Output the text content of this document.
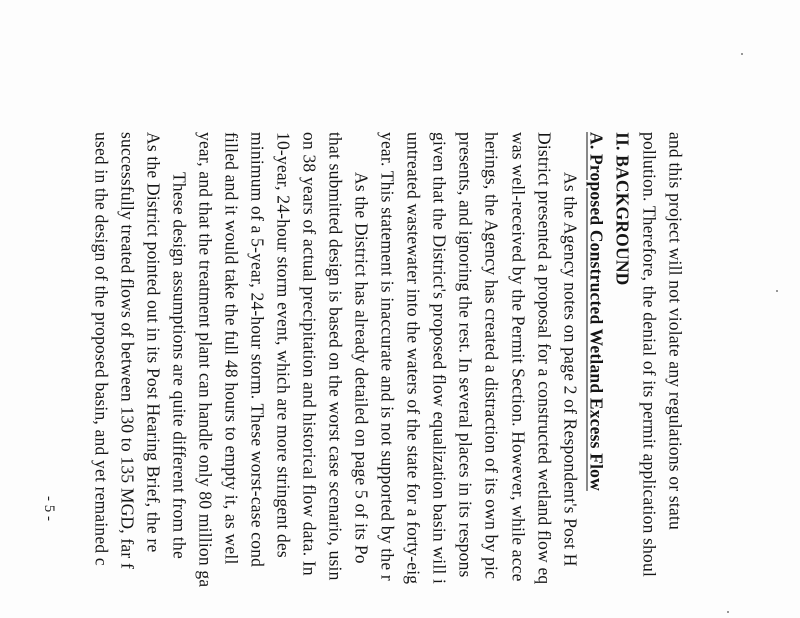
and this project will not violate any regulations or statu
pollution. Therefore, the denial of its permit application shoul
II. BACKGROUND
A. Proposed Constructed Wetland Excess Flow
As the Agency notes on page 2 of Respondent's Post H
District presented a proposal for a constructed wetland flow eq
was well-received by the Permit Section. However, while acce
herings, the Agency has created a distraction of its own by pic
presents, and ignoring the rest. In several places in its respons
given that the District's proposed flow equalization basin will i
untreated wastewater into the waters of the state for a forty-eig
year. This statement is inaccurate and is not supported by the r
As the District has already detailed on page 5 of its Po
that submitted design is based on the worst case scenario, usin
on 38 years of actual precipitation and historical flow data. In
10-year, 24-hour storm event, which are more stringent des
minimum of a 5-year, 24-hour storm. These worst-case cond
filled and it would take the full 48 hours to empty it, as well
year, and that the treatment plant can handle only 80 million ga
These design assumptions are quite different from the
As the District pointed out in its Post Hearing Brief, the re
successfully treated flows of between 130 to 135 MGD, far f
used in the design of the proposed basin, and yet remained c
- 5 -
